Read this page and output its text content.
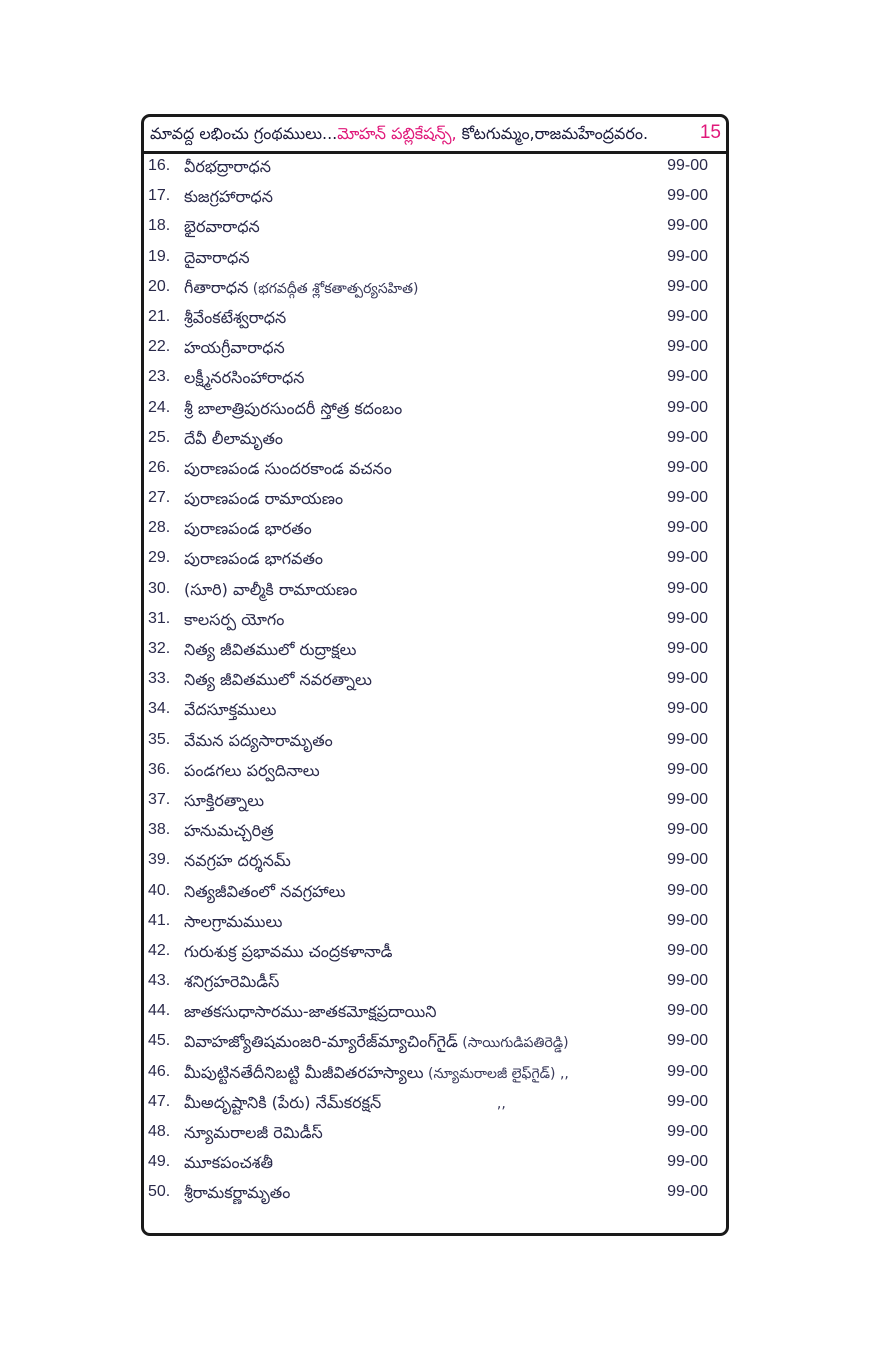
మావద్ద లభించు గ్రంథములు...మోహన్ పబ్లికేషన్స్, కోటగుమ్మం,రాజమహేంద్రవరం.	15
16. వీరభద్రారాధన	99-00
17. కుజగ్రహారాధన	99-00
18. భైరవారాధన	99-00
19. దైవారాధన	99-00
20. గీతారాధన (భగవద్గీత శ్లోకతాత్పర్యసహిత)	99-00
21. శ్రీవేంకటేశ్వరాధన	99-00
22. హయగ్రీవారాధన	99-00
23. లక్ష్మీనరసింహారాధన	99-00
24. శ్రీ బాలాత్రిపురసుందరీ స్తోత్ర కదంబం	99-00
25. దేవీ లీలామృతం	99-00
26. పురాణపండ సుందరకాండ వచనం	99-00
27. పురాణపండ రామాయణం	99-00
28. పురాణపండ భారతం	99-00
29. పురాణపండ భాగవతం	99-00
30. (సూరి) వాల్మీకి రామాయణం	99-00
31. కాలసర్ప యోగం	99-00
32. నిత్య జీవితములో రుద్రాక్షలు	99-00
33. నిత్య జీవితములో నవరత్నాలు	99-00
34. వేదసూక్తములు	99-00
35. వేమన పద్యసారామృతం	99-00
36. పండగలు పర్వదినాలు	99-00
37. సూక్తిరత్నాలు	99-00
38. హనుమచ్చరిత్ర	99-00
39. నవగ్రహ దర్శనమ్	99-00
40. నిత్యజీవితంలో నవగ్రహాలు	99-00
41. సాలగ్రామములు	99-00
42. గురుశుక్ర ప్రభావము చంద్రకళానాడీ	99-00
43. శనిగ్రహరెమిడీస్	99-00
44. జాతకసుధాసారము-జాతకమోక్షప్రదాయిని	99-00
45. వివాహజ్యోతిషమంజరి-మ్యారేజ్‌మ్యాచింగ్‌గైడ్ (సాయిగుడిపతిరెడ్డి)	99-00
46. మీపుట్టినతేదీనిబట్టి మీజీవితరహస్యాలు (న్యూమరాలజీ లైఫ్‌గైడ్) ,,	99-00
47. మీఅదృష్టానికి (పేరు) నేమ్‌కరక్షన్                          ,,	99-00
48. న్యూమరాలజీ రెమిడీస్	99-00
49. మూకపంచశతీ	99-00
50. శ్రీరామకర్ణామృతం	99-00
